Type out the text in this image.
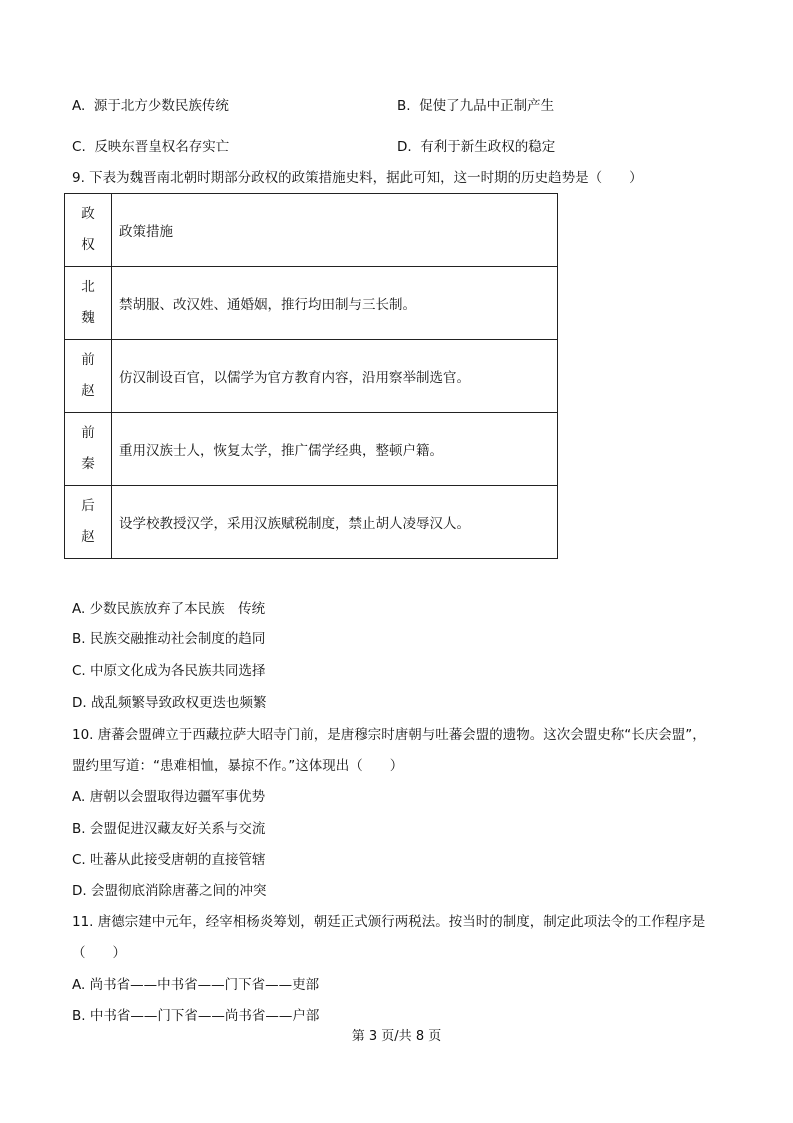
A.  源于北方少数民族传统	B.  促使了九品中正制产生
C.  反映东晋皇权名存实亡	D.  有利于新生政权的稳定
9. 下表为魏晋南北朝时期部分政权的政策措施史料，据此可知，这一时期的历史趋势是（　　）
政
权	政策措施

北
魏	禁胡服、改汉姓、通婚姻，推行均田制与三长制。

前
赵	仿汉制设百官，以儒学为官方教育内容，沿用察举制选官。

前
秦	重用汉族士人，恢复太学，推广儒学经典，整顿户籍。

后
赵	设学校教授汉学，采用汉族赋税制度，禁止胡人凌辱汉人。
A. 少数民族放弃了本民族　传统
B. 民族交融推动社会制度的趋同
C. 中原文化成为各民族共同选择
D. 战乱频繁导致政权更迭也频繁
10. 唐蕃会盟碑立于西藏拉萨大昭寺门前，是唐穆宗时唐朝与吐蕃会盟的遗物。这次会盟史称“长庆会盟”，
盟约里写道：“患难相恤，暴掠不作。”这体现出（　　）
A. 唐朝以会盟取得边疆军事优势
B. 会盟促进汉藏友好关系与交流
C. 吐蕃从此接受唐朝的直接管辖
D. 会盟彻底消除唐蕃之间的冲突
11. 唐德宗建中元年，经宰相杨炎筹划，朝廷正式颁行两税法。按当时的制度，制定此项法令的工作程序是
（　　）
A. 尚书省——中书省——门下省——吏部
B. 中书省——门下省——尚书省——户部
第 3 页/共 8 页
